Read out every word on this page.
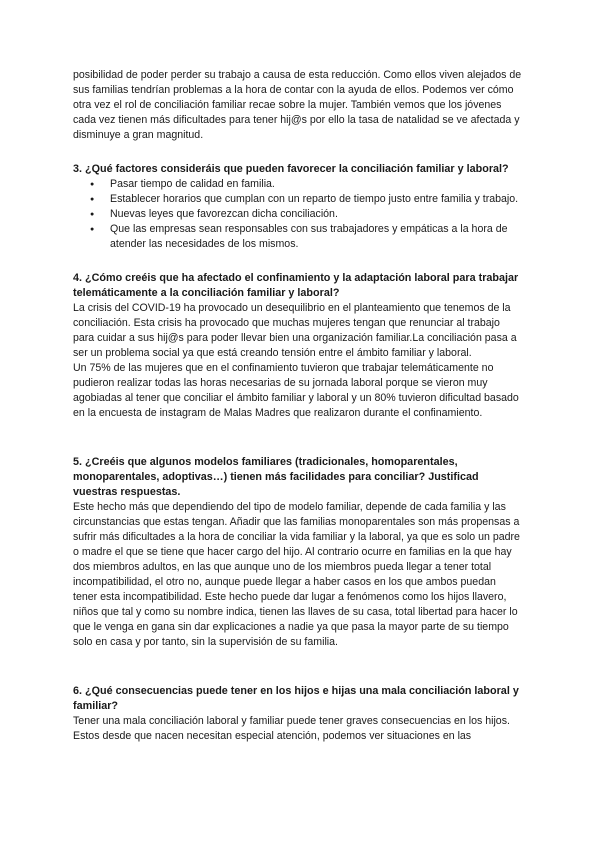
posibilidad de poder perder su trabajo a causa de esta reducción. Como ellos viven alejados de sus familias tendrían problemas a la hora de contar con la ayuda de ellos. Podemos ver cómo otra vez el rol de conciliación familiar recae sobre la mujer. También vemos que los jóvenes cada vez tienen más dificultades para tener hij@s por ello la tasa de natalidad se ve afectada y disminuye a gran magnitud.

3. ¿Qué factores consideráis que pueden favorecer la conciliación familiar y laboral?

● Pasar tiempo de calidad en familia.
● Establecer horarios que cumplan con un reparto de tiempo justo entre familia y trabajo.
● Nuevas leyes que favorezcan dicha conciliación.
● Que las empresas sean responsables con sus trabajadores y empáticas a la hora de atender las necesidades de los mismos.

4. ¿Cómo creéis que ha afectado el confinamiento y la adaptación laboral para trabajar telemáticamente a la conciliación familiar y laboral?

La crisis del COVID-19 ha provocado un desequilibrio en el planteamiento que tenemos de la conciliación. Esta crisis ha provocado que muchas mujeres tengan que renunciar al trabajo para cuidar a sus hij@s para poder llevar bien una organización familiar.La conciliación pasa a ser un problema social ya que está creando tensión entre el ámbito familiar y laboral.

Un 75% de las mujeres que en el confinamiento tuvieron que trabajar telemáticamente no pudieron realizar todas las horas necesarias de su jornada laboral porque se vieron muy agobiadas al tener que conciliar el ámbito familiar y laboral y un 80% tuvieron dificultad basado en la encuesta de instagram de Malas Madres que realizaron durante el confinamiento.

5. ¿Creéis que algunos modelos familiares (tradicionales, homoparentales, monoparentales, adoptivas…) tienen más facilidades para conciliar? Justificad vuestras respuestas.

Este hecho más que dependiendo del tipo de modelo familiar, depende de cada familia y las circunstancias que estas tengan. Añadir que las familias monoparentales son más propensas a sufrir más dificultades a la hora de conciliar la vida familiar y la laboral, ya que es solo un padre o madre el que se tiene que hacer cargo del hijo. Al contrario ocurre en familias en la que hay dos miembros adultos, en las que aunque uno de los miembros pueda llegar a tener total incompatibilidad, el otro no, aunque puede llegar a haber casos en los que ambos puedan tener esta incompatibilidad. Este hecho puede dar lugar a fenómenos como los hijos llavero, niños que tal y como su nombre indica, tienen las llaves de su casa, total libertad para hacer lo que le venga en gana sin dar explicaciones a nadie ya que pasa la mayor parte de su tiempo solo en casa y por tanto, sin la supervisión de su familia.

6. ¿Qué consecuencias puede tener en los hijos e hijas una mala conciliación laboral y familiar?

Tener una mala conciliación laboral y familiar puede tener graves consecuencias en los hijos. Estos desde que nacen necesitan especial atención, podemos ver situaciones en las
